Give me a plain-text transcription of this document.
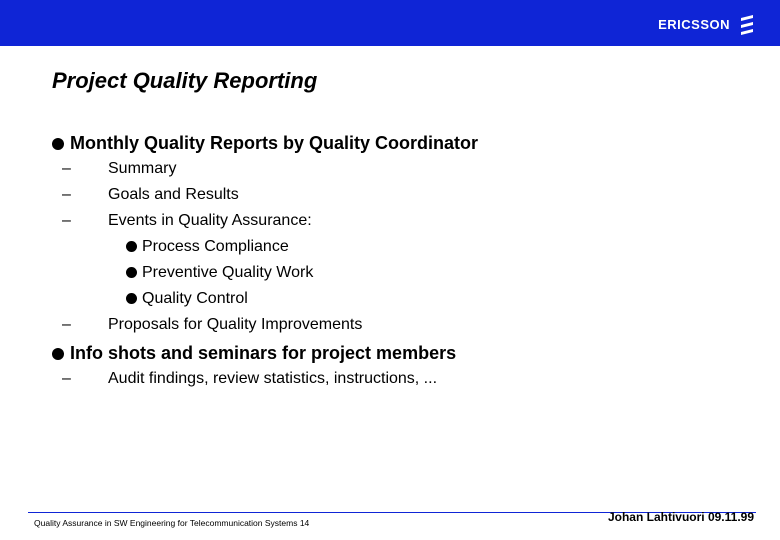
ERICSSON
Project Quality Reporting
Monthly Quality Reports by Quality Coordinator
– Summary
– Goals and Results
– Events in Quality Assurance:
Process Compliance
Preventive Quality Work
Quality Control
– Proposals for Quality Improvements
Info shots and seminars for project members
– Audit findings, review statistics, instructions, ...
Quality Assurance in SW Engineering for Telecommunication Systems 14	Johan Lahtivuori 09.11.99
